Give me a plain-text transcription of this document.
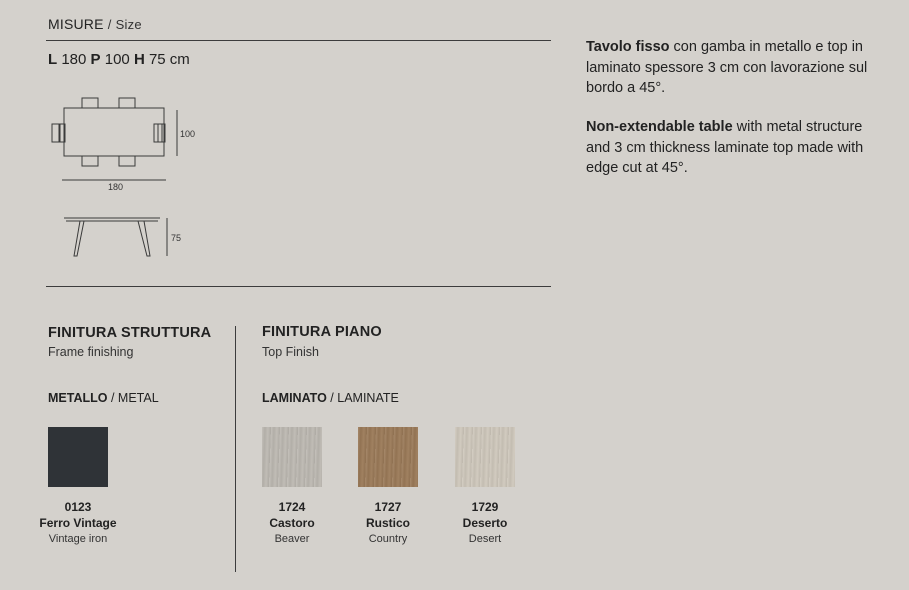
MISURE / Size
L 180 P 100 H 75 cm
100
180
75
Tavolo fisso con gamba in metallo e top in laminato spessore 3 cm con lavorazione sul bordo a 45°.
Non-extendable table with metal structure and 3 cm thickness laminate top made with edge cut at 45°.
FINITURA STRUTTURA
Frame finishing
METALLO / METAL
0123
Ferro Vintage
Vintage iron
FINITURA PIANO
Top Finish
LAMINATO / LAMINATE
1724
Castoro
Beaver
1727
Rustico
Country
1729
Deserto
Desert
